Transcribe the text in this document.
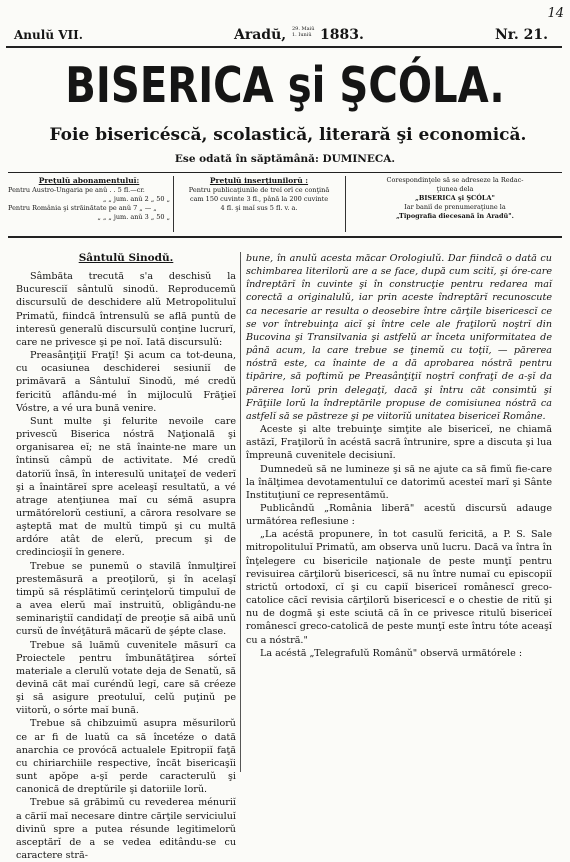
14
Anulŭ VII.	Aradŭ, 29. Maiŭ
1. Iuniŭ 1883.	Nr. 21.
BISERICA şi ŞCÓLA.
Foie bisericéscă, scolastică, literară şi economică.
Ese odată în săptămână: DUMINECA.
Preţulŭ abonamentuluĭ:
Pentru Austro-Ungaria pe anŭ . . 5 fl.—cr.
„ „ jum. anŭ 2 „ 50 „
Pentru România şi străinătate pe anŭ 7 „ — „
„ „ „ jum. anŭ 3 „ 50 „
Preţulŭ inserţiunilorŭ :
Pentru publicaţiunile de treĭ orĭ ce conţină
cam 150 cuvinte 3 fl., până la 200 cuvinte
4 fl. şi maĭ sus 5 fl. v. a.
Corespondinţele să se adreseze la Redac-
ţiunea dela
„BISERICA şi ŞCÓLA"
Iar baniĭ de prenumeraţiune la
„Tipografia diecesană în Aradŭ".

Sântulŭ Sinodŭ.

Sâmbăta trecută s'a deschisŭ la Bucuresciĭ sântulŭ sinodŭ. Reproducemŭ discursulŭ de deschidere alŭ Metropolituluĭ Primatŭ, fiindcă întrensulŭ se află puntŭ de interesŭ generalŭ discursulŭ conţine lucrurĭ, care ne privesce şi pe noĭ. Iată discursulŭ:

Preasânţiţiĭ Fraţĭ! Şi acum ca tot-deuna, cu ocasiunea deschiderei sesiuniĭ de primăvară a Sântuluĭ Sinodŭ, mé credŭ fericitŭ aflându-mé în mijloculŭ Frăţieĭ Vóstre, a vé ura bună venire.

Sunt multe şi felurite nevoile care privescŭ Biserica nóstră Naţională şi organisarea eĭ; ne stă înainte-ne mare un întinsŭ câmpŭ de activitate. Mé credŭ datorĭŭ însă, în interesulŭ unitaţeĭ de vederĭ şi a înaintăreĭ spre aceleaşĭ resultatŭ, a vé atrage atenţiunea maĭ cu sémă asupra următórelorŭ cestiunĭ, a cărora resolvare se aşteptă mat de multŭ timpŭ şi cu multă ardóre atât de elerŭ, precum şi de credincioşiĭ în genere.

Trebue se punemŭ o stavilă înmulţireĭ prestemăsură a preoţilorŭ, şi în acelaşĭ timpŭ să résplătimŭ cerinţelorŭ timpuluĭ de a avea elerŭ maĭ instruitŭ, obligându-ne seminariştiĭ candidaţĭ de preoţie să aibă unŭ cursŭ de învéţătură măcarŭ de şépte clase.

Trebue să luămŭ cuvenitele măsurĭ ca Proiectele pentru îmbunătăţirea sórteĭ materiale a clerulŭ votate deja de Senatŭ, să devină căt maĭ curéndŭ legĭ, care să créeze şi să asigure preotuluĭ, celŭ puţinŭ pe viitorŭ, o sórte maĭ bună.

Trebue să chibzuimŭ asupra mĕsurilorŭ ce ar fi de luatŭ ca să încetéze o dată anarchia ce provócă actualele Epitropiĭ faţă cu chiriarchiile respective, încăt bisericaşĭi sunt apŏpe a-şĭ perde caracterulŭ şi canonică de dreptŭrile şi datoriile lorŭ.

Trebue să grăbimŭ cu revederea ménuriĭ a căriĭ maĭ necesare dintre cărţile serviciuluĭ divinŭ spre a putea résunde legitimelorŭ asceptărĭ de a se vedea editându-se cu caractere stră-

bune, în anulŭ acesta măcar Orologiulŭ. Dar fiindcă o dată cu schimbarea literilorŭ are a se face, după cum scitĭ, şi óre-care îndreptărĭ în cuvinte şi în construcţie pentru redarea maĭ corectă a originalulŭ, iar prin aceste îndreptărĭ recunoscute ca necesarie ar resulta o deosebire între cărţile bisericescĭ ce se vor întrebuinţa aicĭ şi între cele ale fraţilorŭ noştrĭ din Bucovina şi Transilvania şi astfelŭ ar înceta uniformitatea de până acum, la care trebue se ţinemŭ cu toţiĭ, — părerea nóstră este, ca înainte de a dă aprobarea nóstră pentru tipărire, să poftimŭ pe Preasânţiţiĭ noştrĭ confraţĭ de a-şĭ da părerea lorŭ prin delegaţĭ, dacă şi întru căt consimtŭ şi Frăţiile lorŭ la îndreptările propuse de comisiunea nóstră ca astfelĭ să se păstreze şi pe viitorĭŭ unitatea bisericeĭ Române.

Aceste şi alte trebuinţe simţite ale bisericeĭ, ne chiamă astăzĭ, Fraţilorŭ în acéstă sacră întrunire, spre a discuta şi lua împreună cuvenitele decisiunĭ.

Dumnedeŭ să ne lumineze şi să ne ajute ca să fimŭ fie-care la înălţimea devotamentuluĭ ce datorimŭ acesteĭ marĭ şi Sânte Instituţiunĭ ce representămŭ.

Publicândŭ „România liberă" acestŭ discursŭ adauge următórea reflesiune :

„La acéstă propunere, în tot casulŭ fericită, a P. S. Sale mitropolituluĭ Primatŭ, am observa unŭ lucru. Dacă va întra în înţelegere cu bisericile naţionale de peste munţĭ pentru revisuirea cărţilorŭ bisericescĭ, să nu între numaĭ cu episcopiĭ strictŭ ortodoxĭ, cĭ şi cu capiĭ bisericeĭ românescĭ greco-catolice căcĭ revisia cărţilorŭ bisericescĭ e o chestie de ritŭ şi nu de dogmă şi este sciută că în ce privesce ritulŭ bisericeĭ românescĭ greco-catolică de peste munţĭ este întru tóte aceaşĭ cu a nóstră."

La acéstă „Telegrafulŭ Românŭ" observă următórele :
